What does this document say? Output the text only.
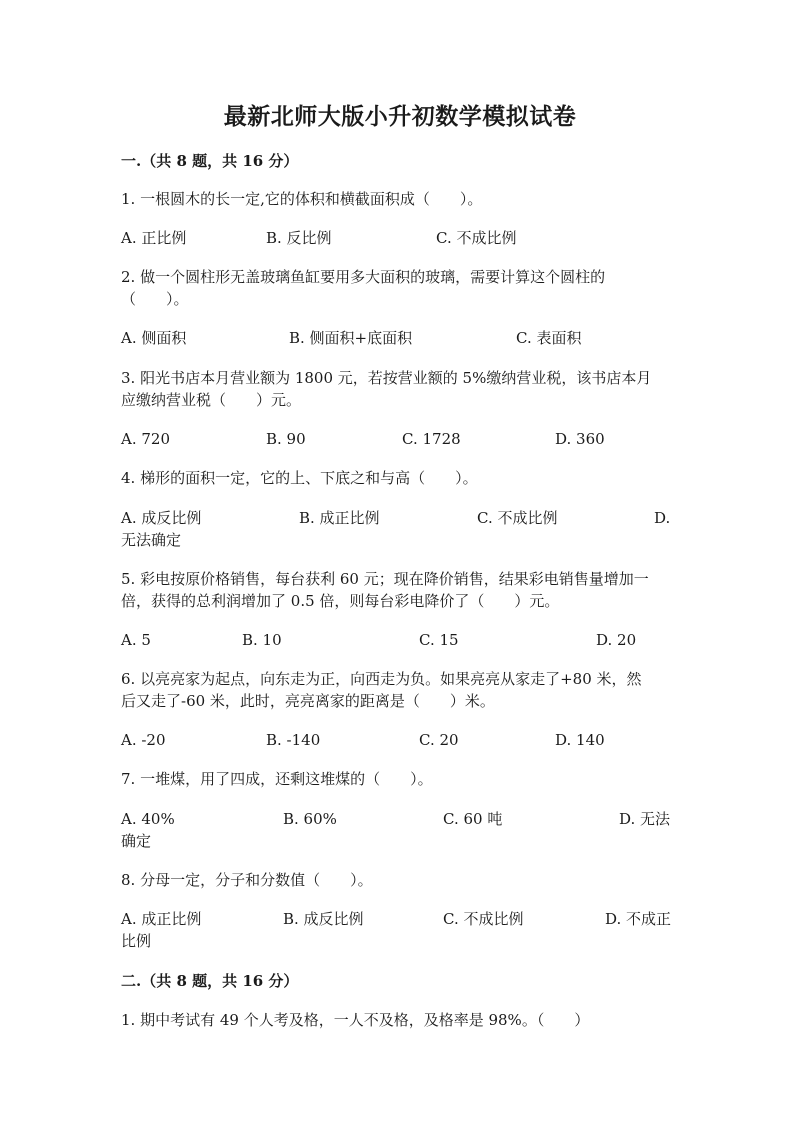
最新北师大版小升初数学模拟试卷
一.（共 8 题，共 16 分）
1. 一根圆木的长一定,它的体积和横截面积成（　　）。
A. 正比例	B. 反比例	C. 不成比例
2. 做一个圆柱形无盖玻璃鱼缸要用多大面积的玻璃，需要计算这个圆柱的
（　　）。
A. 侧面积	B. 侧面积+底面积	C. 表面积
3. 阳光书店本月营业额为 1800 元，若按营业额的 5%缴纳营业税，该书店本月
应缴纳营业税（　　）元。
A. 720	B. 90	C. 1728	D. 360
4. 梯形的面积一定，它的上、下底之和与高（　　）。
A. 成反比例	B. 成正比例	C. 不成比例	D.
无法确定
5. 彩电按原价格销售，每台获利 60 元；现在降价销售，结果彩电销售量增加一
倍，获得的总利润增加了 0.5 倍，则每台彩电降价了（　　）元。
A. 5	B. 10	C. 15	D. 20
6. 以亮亮家为起点，向东走为正，向西走为负。如果亮亮从家走了+80 米，然
后又走了-60 米，此时，亮亮离家的距离是（　　）米。
A. -20	B. -140	C. 20	D. 140
7. 一堆煤，用了四成，还剩这堆煤的（　　）。
A. 40%	B. 60%	C. 60 吨	D. 无法
确定
8. 分母一定，分子和分数值（　　）。
A. 成正比例	B. 成反比例	C. 不成比例	D. 不成正
比例
二.（共 8 题，共 16 分）
1. 期中考试有 49 个人考及格，一人不及格，及格率是 98%。（　　）
